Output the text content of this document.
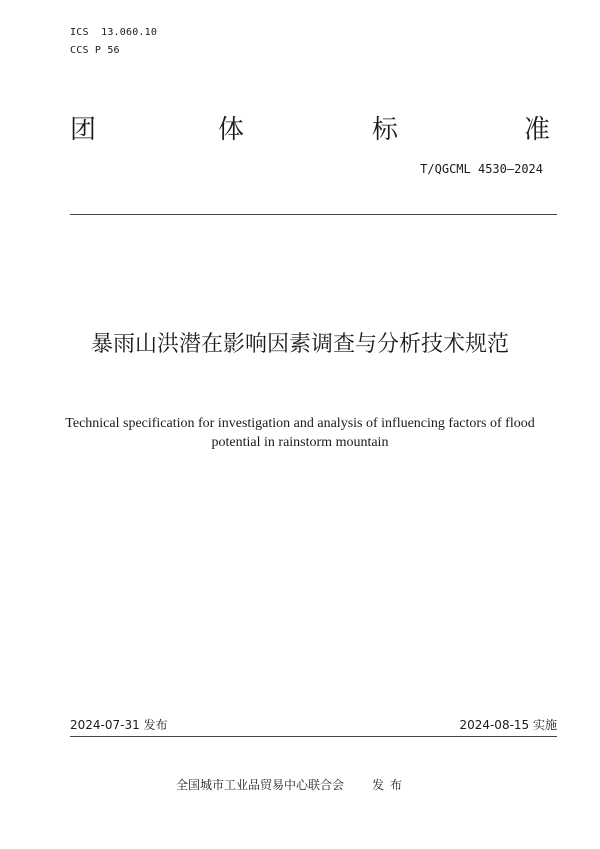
ICS  13.060.10
CCS P 56
团	体	标	准
T/QGCML 4530—2024
暴雨山洪潜在影响因素调查与分析技术规范
Technical specification for investigation and analysis of influencing factors of flood potential in rainstorm mountain
2024-07-31 发布	2024-08-15 实施
全国城市工业品贸易中心联合会 发布
